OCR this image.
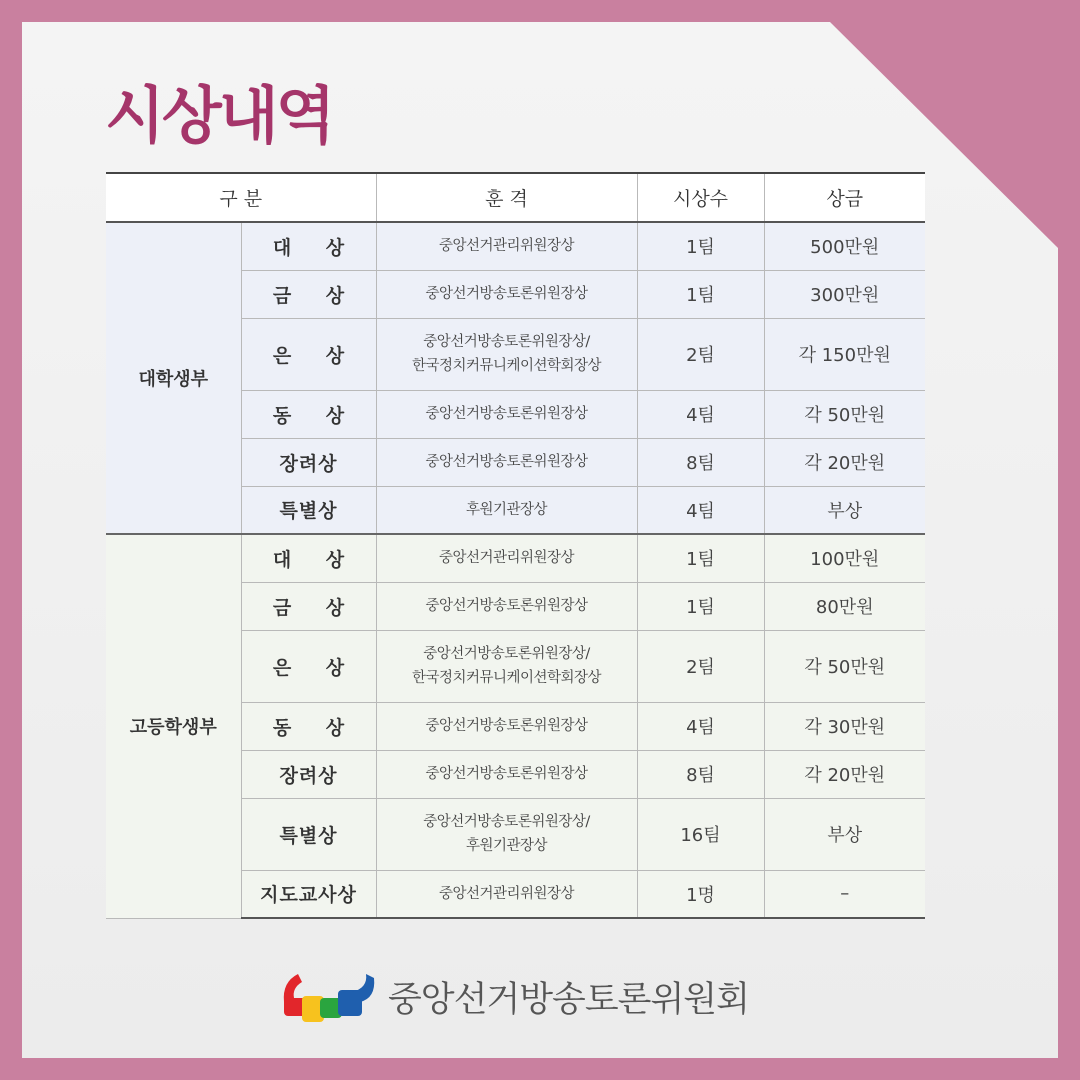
시상내역
구 분		훈 격	시상수	상금
대학생부	대 상	중앙선거관리위원장상	1팀	500만원
	금 상	중앙선거방송토론위원장상	1팀	300만원
	은 상	중앙선거방송토론위원장상/
한국정치커뮤니케이션학회장상	2팀	각 150만원
	동 상	중앙선거방송토론위원장상	4팀	각 50만원
	장려상	중앙선거방송토론위원장상	8팀	각 20만원
	특별상	후원기관장상	4팀	부상
고등학생부	대 상	중앙선거관리위원장상	1팀	100만원
	금 상	중앙선거방송토론위원장상	1팀	80만원
	은 상	중앙선거방송토론위원장상/
한국정치커뮤니케이션학회장상	2팀	각 50만원
	동 상	중앙선거방송토론위원장상	4팀	각 30만원
	장려상	중앙선거방송토론위원장상	8팀	각 20만원
	특별상	중앙선거방송토론위원장상/
후원기관장상	16팀	부상
	지도교사상	중앙선거관리위원장상	1명	–
중앙선거방송토론위원회
